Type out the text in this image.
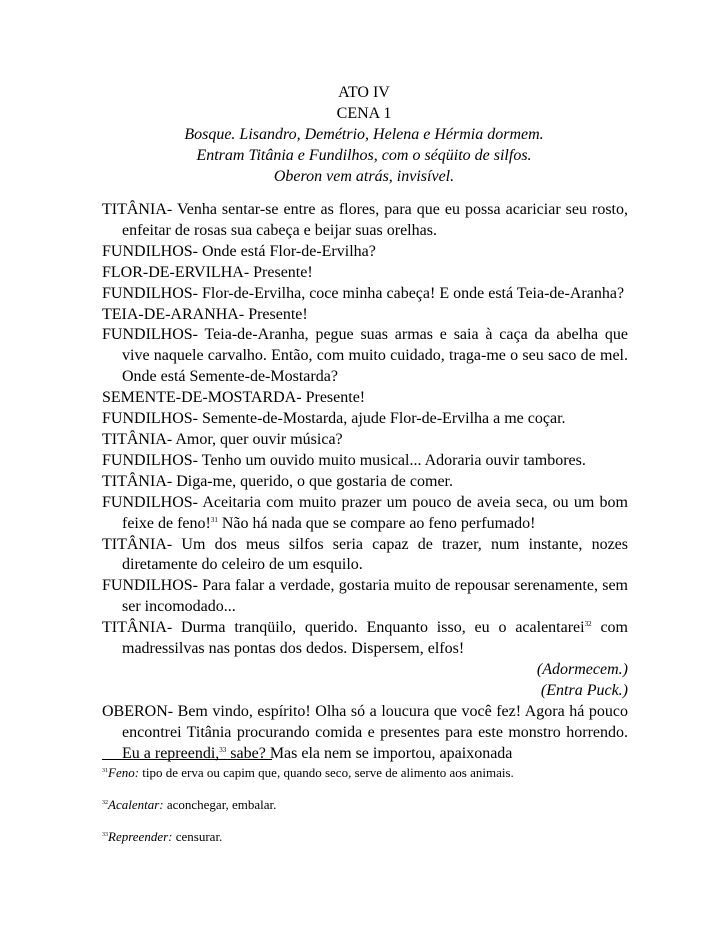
ATO IV
CENA 1
Bosque. Lisandro, Demétrio, Helena e Hérmia dormem.
Entram Titânia e Fundilhos, com o séqüito de silfos.
Oberon vem atrás, invisível.

TITÂNIA- Venha sentar-se entre as flores, para que eu possa acariciar seu rosto, enfeitar de rosas sua cabeça e beijar suas orelhas.

FUNDILHOS- Onde está Flor-de-Ervilha?

FLOR-DE-ERVILHA- Presente!

FUNDILHOS- Flor-de-Ervilha, coce minha cabeça! E onde está Teia-de-Aranha?

TEIA-DE-ARANHA- Presente!

FUNDILHOS- Teia-de-Aranha, pegue suas armas e saia à caça da abelha que vive naquele carvalho. Então, com muito cuidado, traga-me o seu saco de mel. Onde está Semente-de-Mostarda?

SEMENTE-DE-MOSTARDA- Presente!

FUNDILHOS- Semente-de-Mostarda, ajude Flor-de-Ervilha a me coçar.

TITÂNIA- Amor, quer ouvir música?

FUNDILHOS- Tenho um ouvido muito musical... Adoraria ouvir tambores.

TITÂNIA- Diga-me, querido, o que gostaria de comer.

FUNDILHOS- Aceitaria com muito prazer um pouco de aveia seca, ou um bom feixe de feno!$^{31}$ Não há nada que se compare ao feno perfumado!

TITÂNIA- Um dos meus silfos seria capaz de trazer, num instante, nozes diretamente do celeiro de um esquilo.

FUNDILHOS- Para falar a verdade, gostaria muito de repousar serenamente, sem ser incomodado...

TITÂNIA- Durma tranqüilo, querido. Enquanto isso, eu o acalentarei$^{32}$ com madressilvas nas pontas dos dedos. Dispersem, elfos!

(Adormecem.)

(Entra Puck.)

OBERON- Bem vindo, espírito! Olha só a loucura que você fez! Agora há pouco encontrei Titânia procurando comida e presentes para este monstro horrendo. Eu a repreendi,$^{33}$ sabe? Mas ela nem se importou, apaixonada

$^{31}$Feno: tipo de erva ou capim que, quando seco, serve de alimento aos animais.
$^{32}$Acalentar: aconchegar, embalar.
$^{33}$Repreender: censurar.
